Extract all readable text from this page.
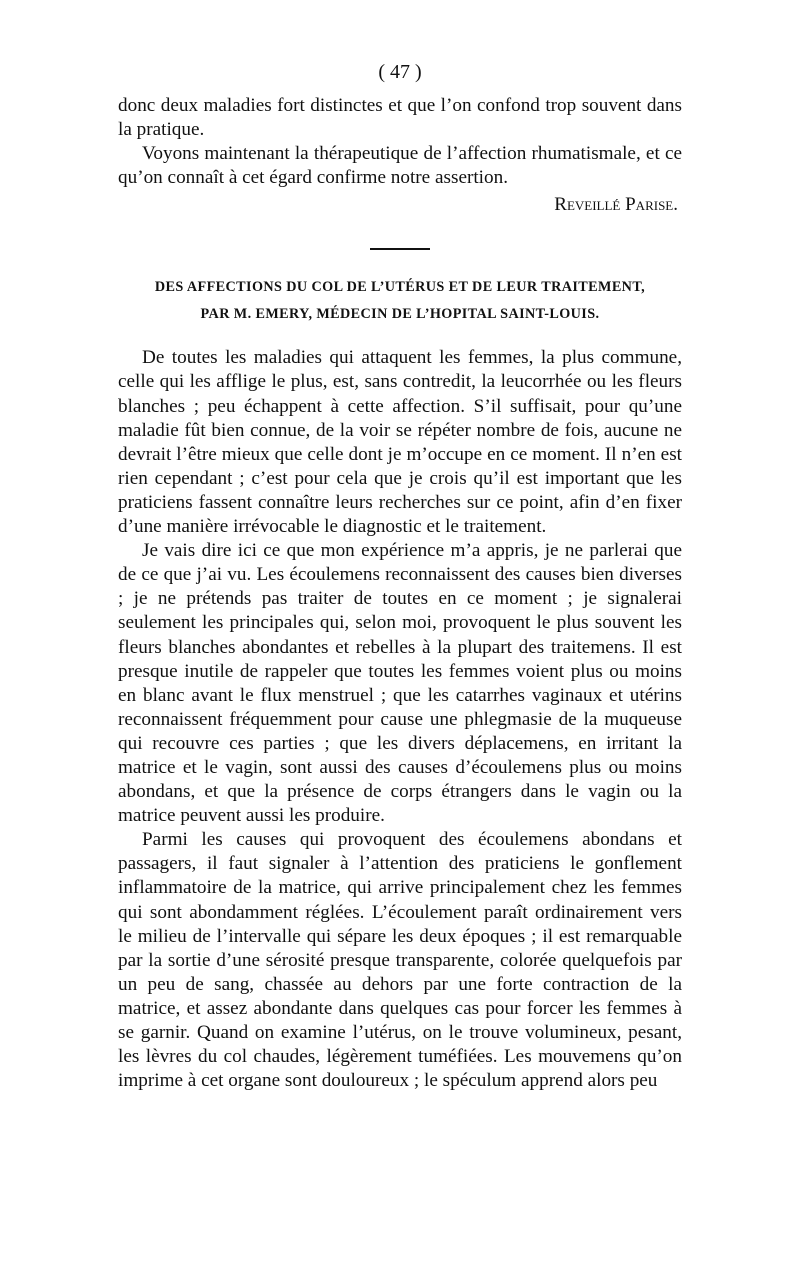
( 47 )

donc deux maladies fort distinctes et que l’on confond trop souvent dans la pratique.

Voyons maintenant la thérapeutique de l’affection rhumatismale, et ce qu’on connaît à cet égard confirme notre assertion.

Reveillé Parise.
DES AFFECTIONS DU COL DE L’UTÉRUS ET DE LEUR TRAITEMENT,
PAR M. EMERY, MÉDECIN DE L’HOPITAL SAINT-LOUIS.

De toutes les maladies qui attaquent les femmes, la plus commune, celle qui les afflige le plus, est, sans contredit, la leucorrhée ou les fleurs blanches ; peu échappent à cette affection. S’il suffisait, pour qu’une maladie fût bien connue, de la voir se répéter nombre de fois, aucune ne devrait l’être mieux que celle dont je m’occupe en ce moment. Il n’en est rien cependant ; c’est pour cela que je crois qu’il est important que les praticiens fassent connaître leurs recherches sur ce point, afin d’en fixer d’une manière irrévocable le diagnostic et le traitement.

Je vais dire ici ce que mon expérience m’a appris, je ne parlerai que de ce que j’ai vu. Les écoulemens reconnaissent des causes bien diverses ; je ne prétends pas traiter de toutes en ce moment ; je signalerai seulement les principales qui, selon moi, provoquent le plus souvent les fleurs blanches abondantes et rebelles à la plupart des traitemens. Il est presque inutile de rappeler que toutes les femmes voient plus ou moins en blanc avant le flux menstruel ; que les catarrhes vaginaux et utérins reconnaissent fréquemment pour cause une phlegmasie de la muqueuse qui recouvre ces parties ; que les divers déplacemens, en irritant la matrice et le vagin, sont aussi des causes d’écoulemens plus ou moins abondans, et que la présence de corps étrangers dans le vagin ou la matrice peuvent aussi les produire.

Parmi les causes qui provoquent des écoulemens abondans et passagers, il faut signaler à l’attention des praticiens le gonflement inflammatoire de la matrice, qui arrive principalement chez les femmes qui sont abondamment réglées. L’écoulement paraît ordinairement vers le milieu de l’intervalle qui sépare les deux époques ; il est remarquable par la sortie d’une sérosité presque transparente, colorée quelquefois par un peu de sang, chassée au dehors par une forte contraction de la matrice, et assez abondante dans quelques cas pour forcer les femmes à se garnir. Quand on examine l’utérus, on le trouve volumineux, pesant, les lèvres du col chaudes, légèrement tuméfiées. Les mouvemens qu’on imprime à cet organe sont douloureux ; le spéculum apprend alors peu
